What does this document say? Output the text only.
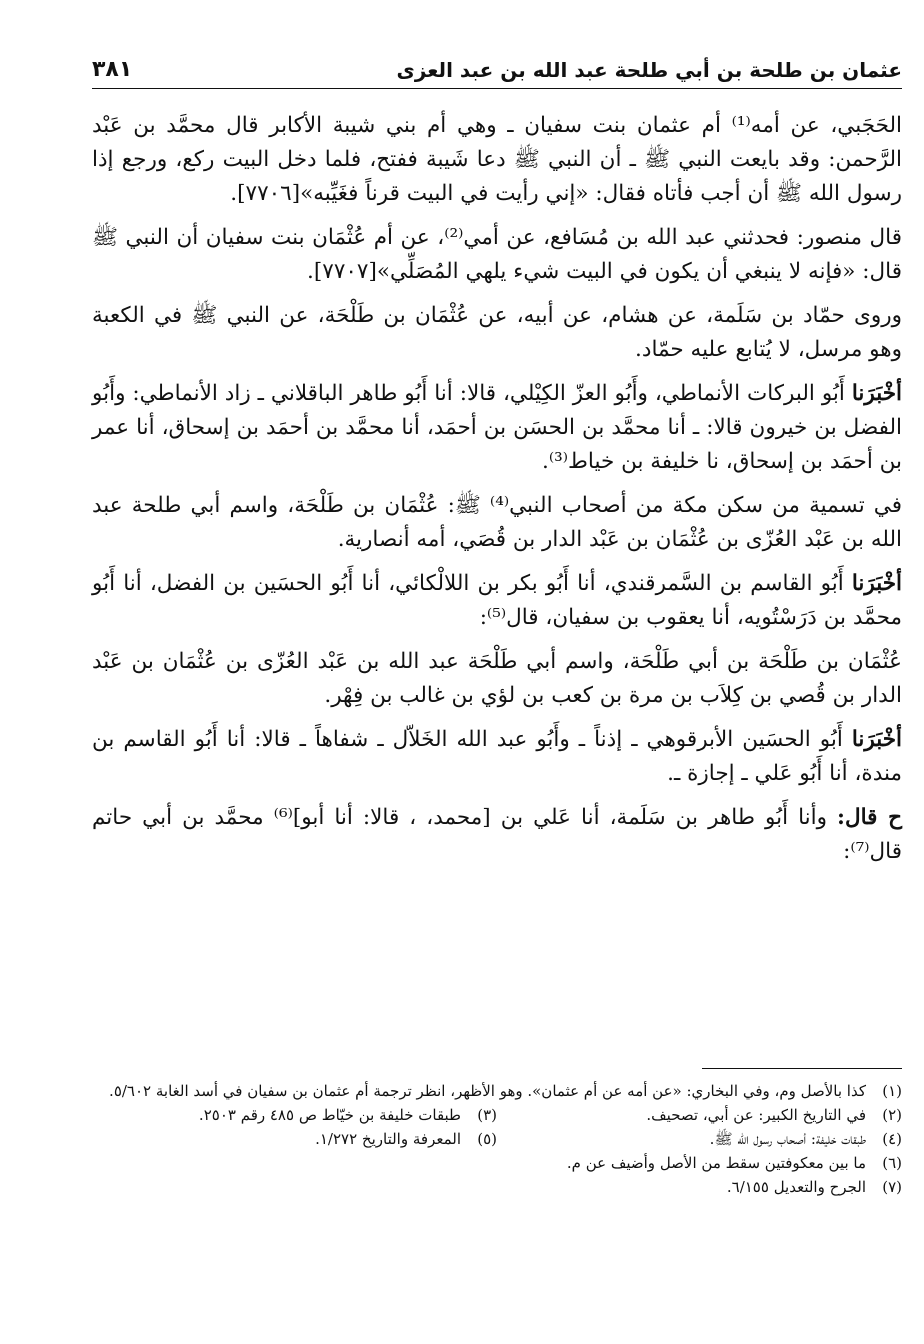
عثمان بن طلحة بن أبي طلحة عبد الله بن عبد العزى
٣٨١

الحَجَبي، عن أمه⁽¹⁾ أم عثمان بنت سفيان ـ وهي أم بني شيبة الأكابر قال محمَّد بن عَبْد الرَّحمن: وقد بايعت النبي ﷺ ـ أن النبي ﷺ دعا شَيبة ففتح، فلما دخل البيت ركع، ورجع إذا رسول الله ﷺ أن أجب فأتاه فقال: «إني رأيت في البيت قرناً فغَيِّبه»[٧٧٠٦].

قال منصور: فحدثني عبد الله بن مُسَافع، عن أمي⁽²⁾، عن أم عُثْمَان بنت سفيان أن النبي ﷺ قال: «فإنه لا ينبغي أن يكون في البيت شيء يلهي المُصَلِّي»[٧٧٠٧].

وروى حمّاد بن سَلَمة، عن هشام، عن أبيه، عن عُثْمَان بن طَلْحَة، عن النبي ﷺ في الكعبة وهو مرسل، لا يُتابع عليه حمّاد.

أخْبَرَنا أَبُو البركات الأنماطي، وأَبُو العزّ الكِيْلي، قالا: أنا أَبُو طاهر الباقلاني ـ زاد الأنماطي: وأَبُو الفضل بن خيرون قالا: ـ أنا محمَّد بن الحسَن بن أحمَد، أنا محمَّد بن أحمَد بن إسحاق، أنا عمر بن أحمَد بن إسحاق، نا خليفة بن خياط⁽³⁾.

في تسمية من سكن مكة من أصحاب النبي⁽⁴⁾ ﷺ: عُثْمَان بن طَلْحَة، واسم أبي طلحة عبد الله بن عَبْد العُزّى بن عُثْمَان بن عَبْد الدار بن قُصَي، أمه أنصارية.

أخْبَرَنا أَبُو القاسم بن السَّمرقندي، أنا أَبُو بكر بن اللالْكائي، أنا أَبُو الحسَين بن الفضل، أنا أَبُو محمَّد بن دَرَسْتُويه، أنا يعقوب بن سفيان، قال⁽⁵⁾:

عُثْمَان بن طَلْحَة بن أبي طَلْحَة، واسم أبي طَلْحَة عبد الله بن عَبْد العُزّى بن عُثْمَان بن عَبْد الدار بن قُصي بن كِلاَب بن مرة بن كعب بن لؤي بن غالب بن فِهْر.

أخْبَرَنا أَبُو الحسَين الأبرقوهي ـ إذناً ـ وأَبُو عبد الله الخَلاّل ـ شفاهاً ـ قالا: أنا أَبُو القاسم بن مندة، أنا أَبُو عَلي ـ إجازة ـ.

ح قال: وأنا أَبُو طاهر بن سَلَمة، أنا عَلي بن [محمد، ، قالا: أنا أبو]⁽⁶⁾ محمَّد بن أبي حاتم قال⁽⁷⁾:

(١)
كذا بالأصل وم، وفي البخاري: «عن أمه عن أم عثمان». وهو الأظهر، انظر ترجمة أم عثمان بن سفيان في أسد الغابة ٥/٦٠٢.
(٢)
في التاريخ الكبير: عن أبي، تصحيف.
(٣)
طبقات خليفة بن خيّاط ص ٤٨٥ رقم ٢٥٠٣.
(٤)
طبقات خليفة: أصحاب رسول الله ﷺ.
(٥)
المعرفة والتاريخ ١/٢٧٢.
(٦)
ما بين معكوفتين سقط من الأصل وأضيف عن م.
(٧)
الجرح والتعديل ٦/١٥٥.
